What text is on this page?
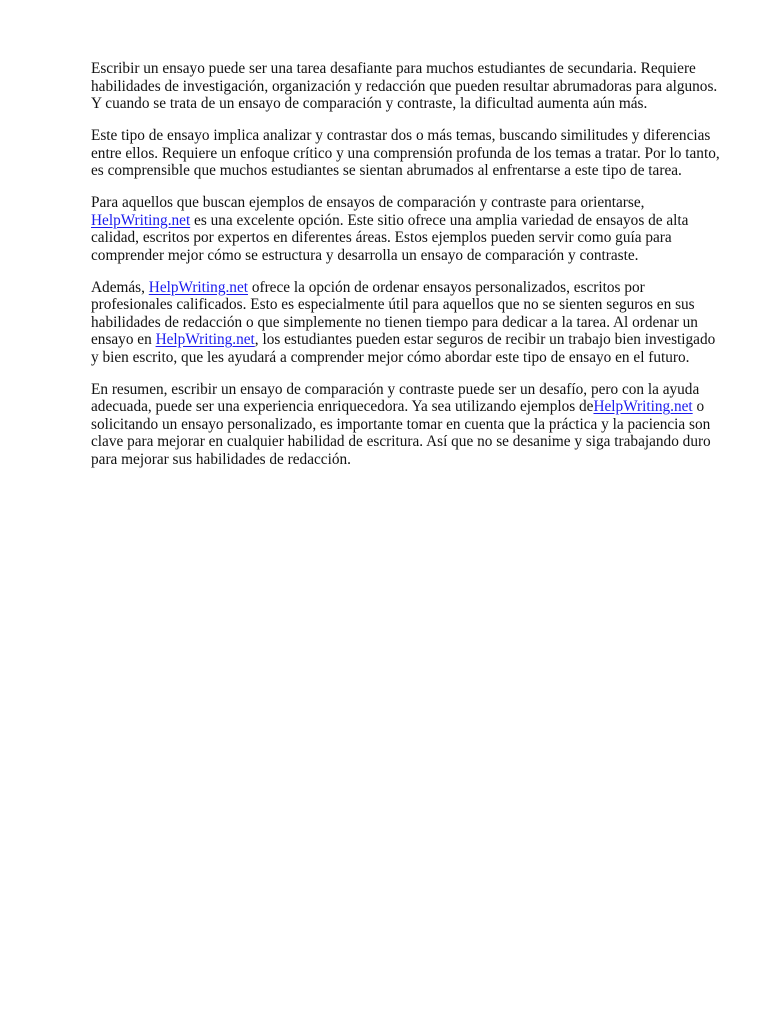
Escribir un ensayo puede ser una tarea desafiante para muchos estudiantes de secundaria. Requiere habilidades de investigación, organización y redacción que pueden resultar abrumadoras para algunos. Y cuando se trata de un ensayo de comparación y contraste, la dificultad aumenta aún más.

Este tipo de ensayo implica analizar y contrastar dos o más temas, buscando similitudes y diferencias entre ellos. Requiere un enfoque crítico y una comprensión profunda de los temas a tratar. Por lo tanto, es comprensible que muchos estudiantes se sientan abrumados al enfrentarse a este tipo de tarea.

Para aquellos que buscan ejemplos de ensayos de comparación y contraste para orientarse, HelpWriting.net es una excelente opción. Este sitio ofrece una amplia variedad de ensayos de alta calidad, escritos por expertos en diferentes áreas. Estos ejemplos pueden servir como guía para comprender mejor cómo se estructura y desarrolla un ensayo de comparación y contraste.

Además, HelpWriting.net ofrece la opción de ordenar ensayos personalizados, escritos por profesionales calificados. Esto es especialmente útil para aquellos que no se sienten seguros en sus habilidades de redacción o que simplemente no tienen tiempo para dedicar a la tarea. Al ordenar un ensayo en HelpWriting.net, los estudiantes pueden estar seguros de recibir un trabajo bien investigado y bien escrito, que les ayudará a comprender mejor cómo abordar este tipo de ensayo en el futuro.

En resumen, escribir un ensayo de comparación y contraste puede ser un desafío, pero con la ayuda adecuada, puede ser una experiencia enriquecedora. Ya sea utilizando ejemplos deHelpWriting.net o solicitando un ensayo personalizado, es importante tomar en cuenta que la práctica y la paciencia son clave para mejorar en cualquier habilidad de escritura. Así que no se desanime y siga trabajando duro para mejorar sus habilidades de redacción.
